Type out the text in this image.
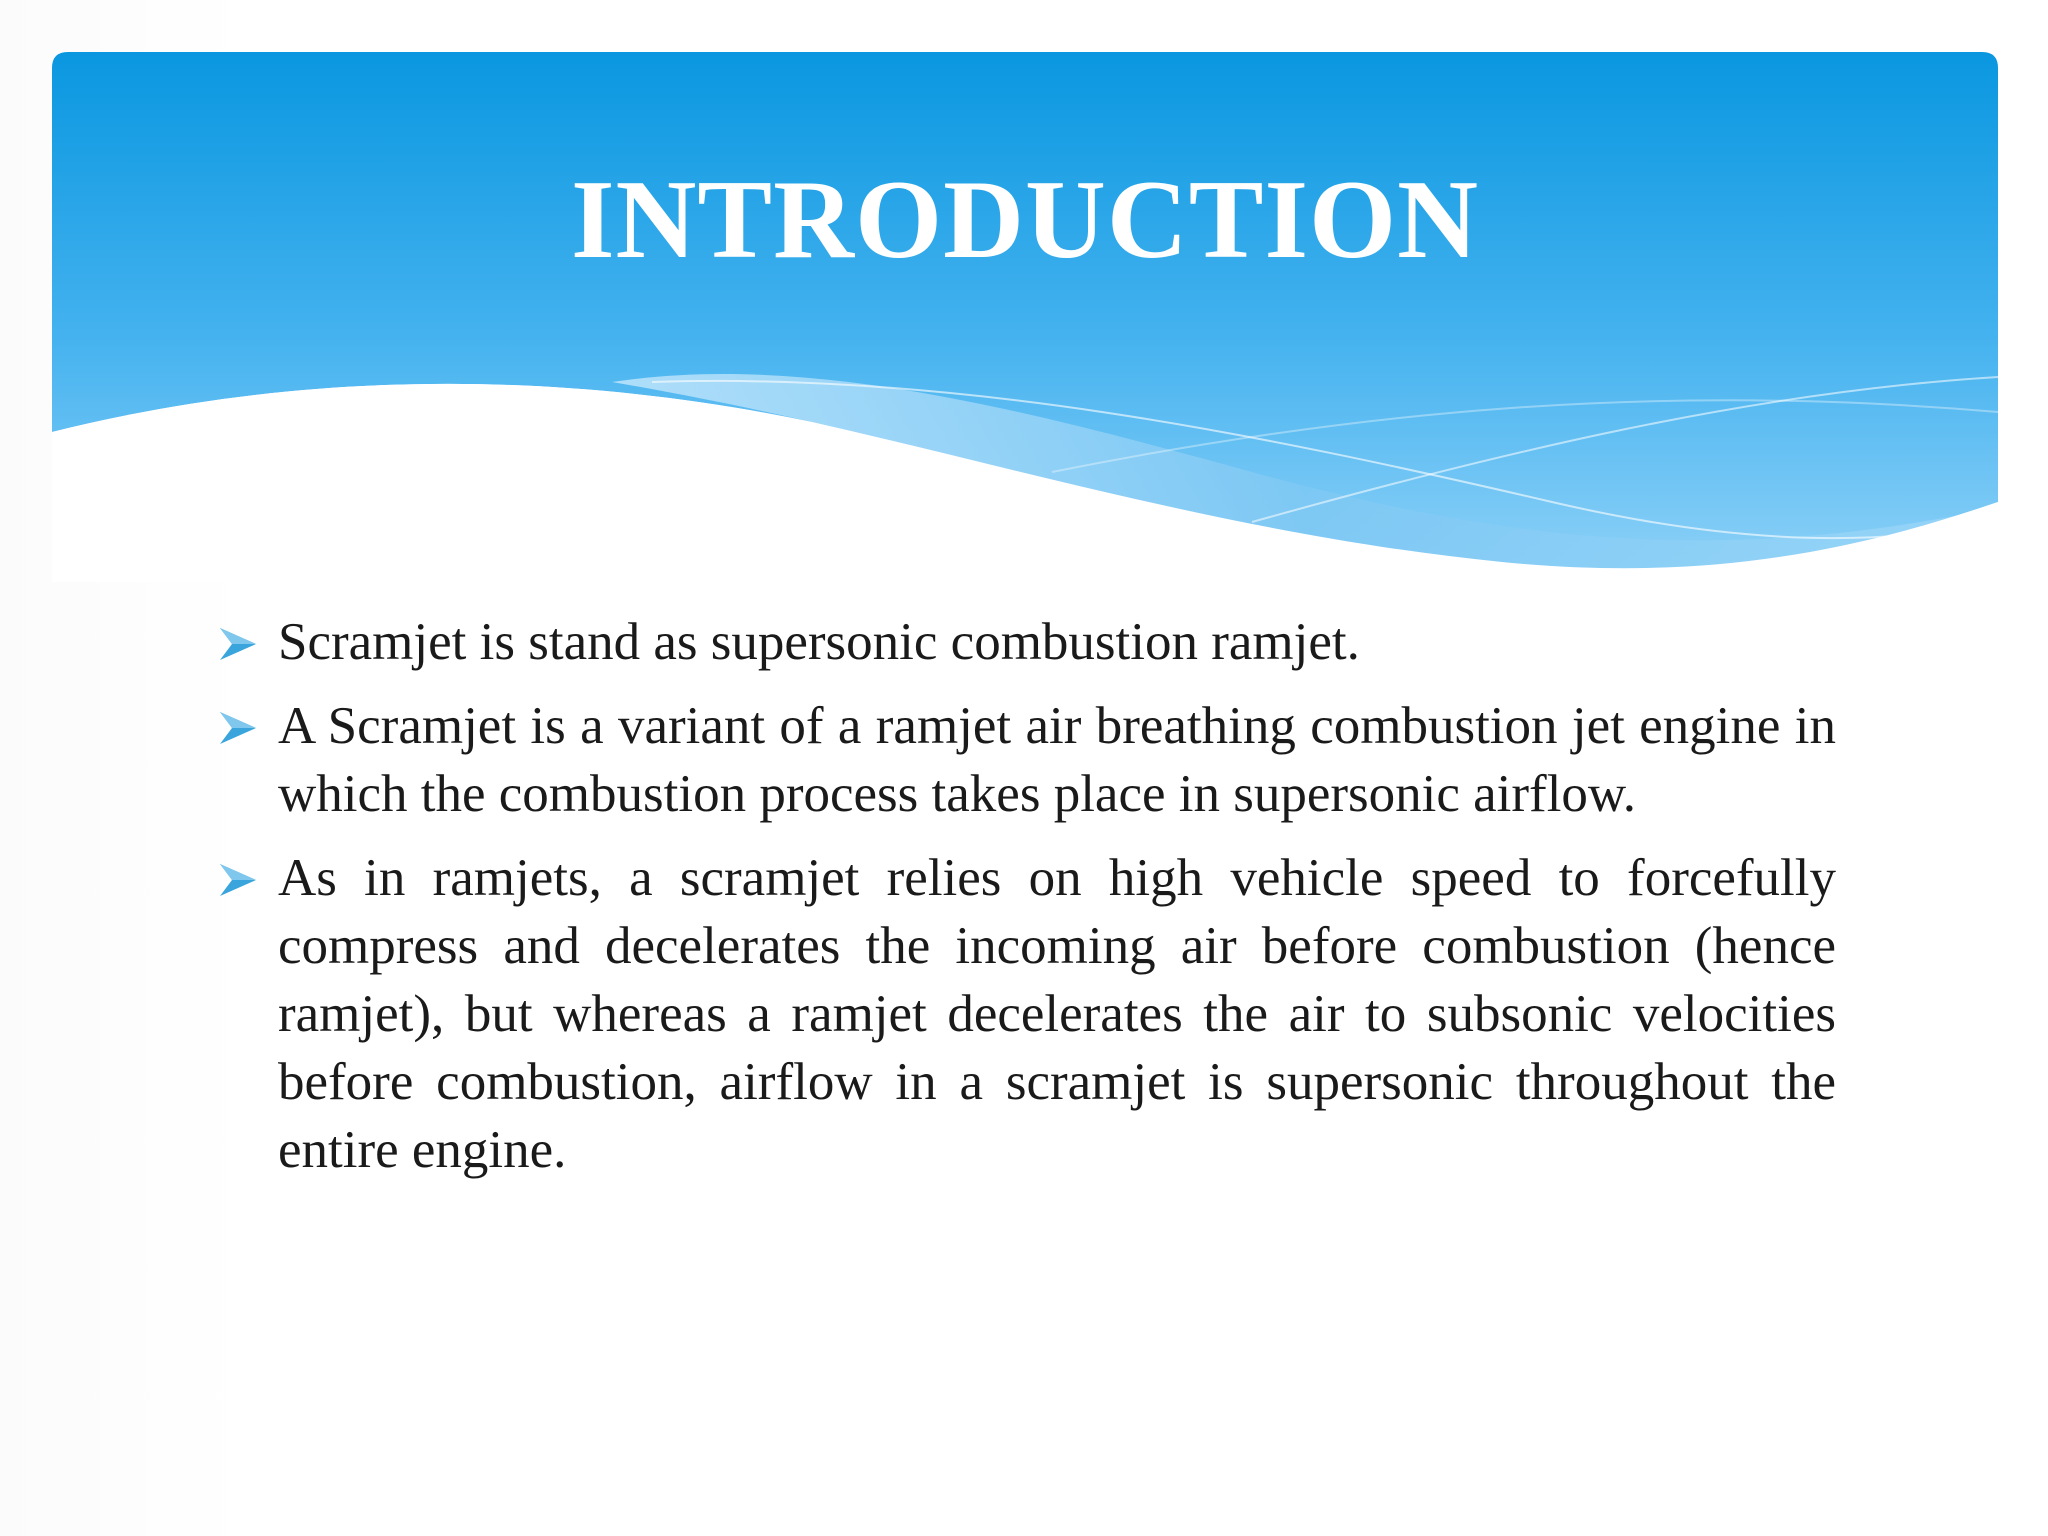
INTRODUCTION
Scramjet is stand as supersonic combustion ramjet.
A Scramjet is a variant of a ramjet air breathing combustion jet engine in which the combustion process takes place in supersonic airflow.
As in ramjets, a scramjet relies on high vehicle speed to forcefully compress and decelerates the incoming air before combustion (hence ramjet), but whereas a ramjet decelerates the air to subsonic velocities before combustion, airflow in a scramjet is supersonic throughout the entire engine.
